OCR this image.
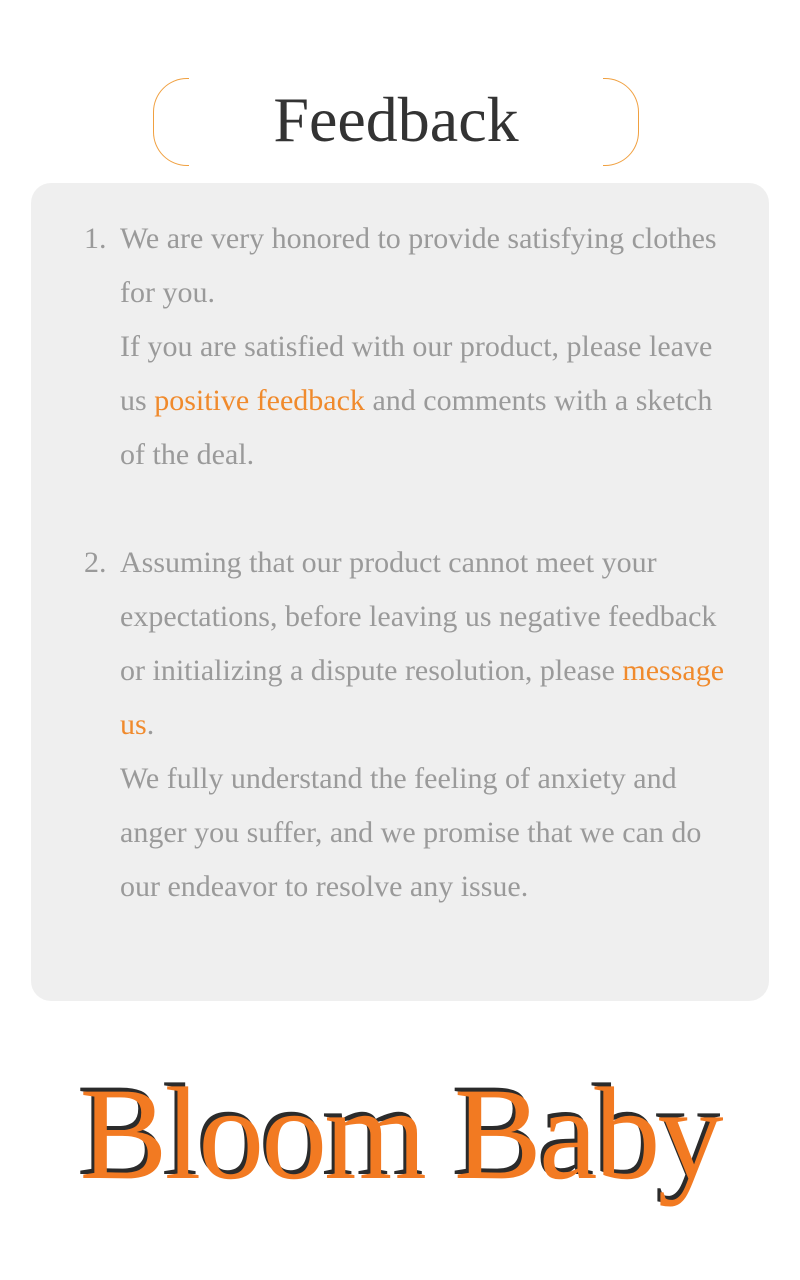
Feedback
1. We are very honored to provide satisfying clothes for you.
If you are satisfied with our product, please leave us positive feedback and comments with a sketch of the deal.
2. Assuming that our product cannot meet your expectations, before leaving us negative feedback or initializing a dispute resolution, please message us.
We fully understand the feeling of anxiety and anger you suffer, and we promise that we can do our endeavor to resolve any issue.
Bloom Baby
